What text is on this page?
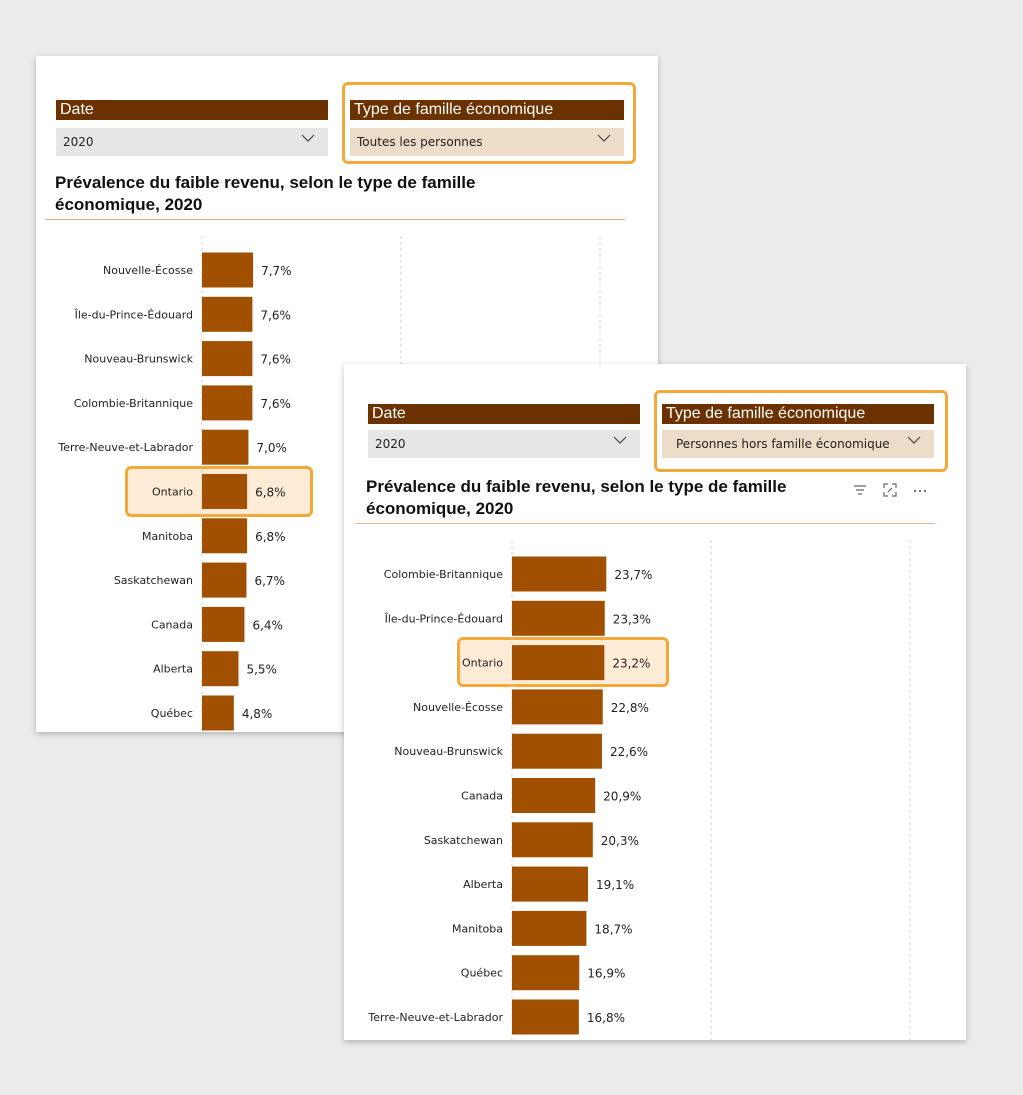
Date
2020
Type de famille économique
Toutes les personnes
Prévalence du faible revenu, selon le type de famille
économique, 2020
Nouvelle-Écosse	7,7%
Île-du-Prince-Édouard	7,6%
Nouveau-Brunswick	7,6%
Colombie-Britannique	7,6%
Terre-Neuve-et-Labrador	7,0%
Ontario	6,8%
Manitoba	6,8%
Saskatchewan	6,7%
Canada	6,4%
Alberta	5,5%
Québec	4,8%
Date
2020
Type de famille économique
Personnes hors famille économique
Prévalence du faible revenu, selon le type de famille
économique, 2020
Colombie-Britannique	23,7%
Île-du-Prince-Édouard	23,3%
Ontario	23,2%
Nouvelle-Écosse	22,8%
Nouveau-Brunswick	22,6%
Canada	20,9%
Saskatchewan	20,3%
Alberta	19,1%
Manitoba	18,7%
Québec	16,9%
Terre-Neuve-et-Labrador	16,8%
